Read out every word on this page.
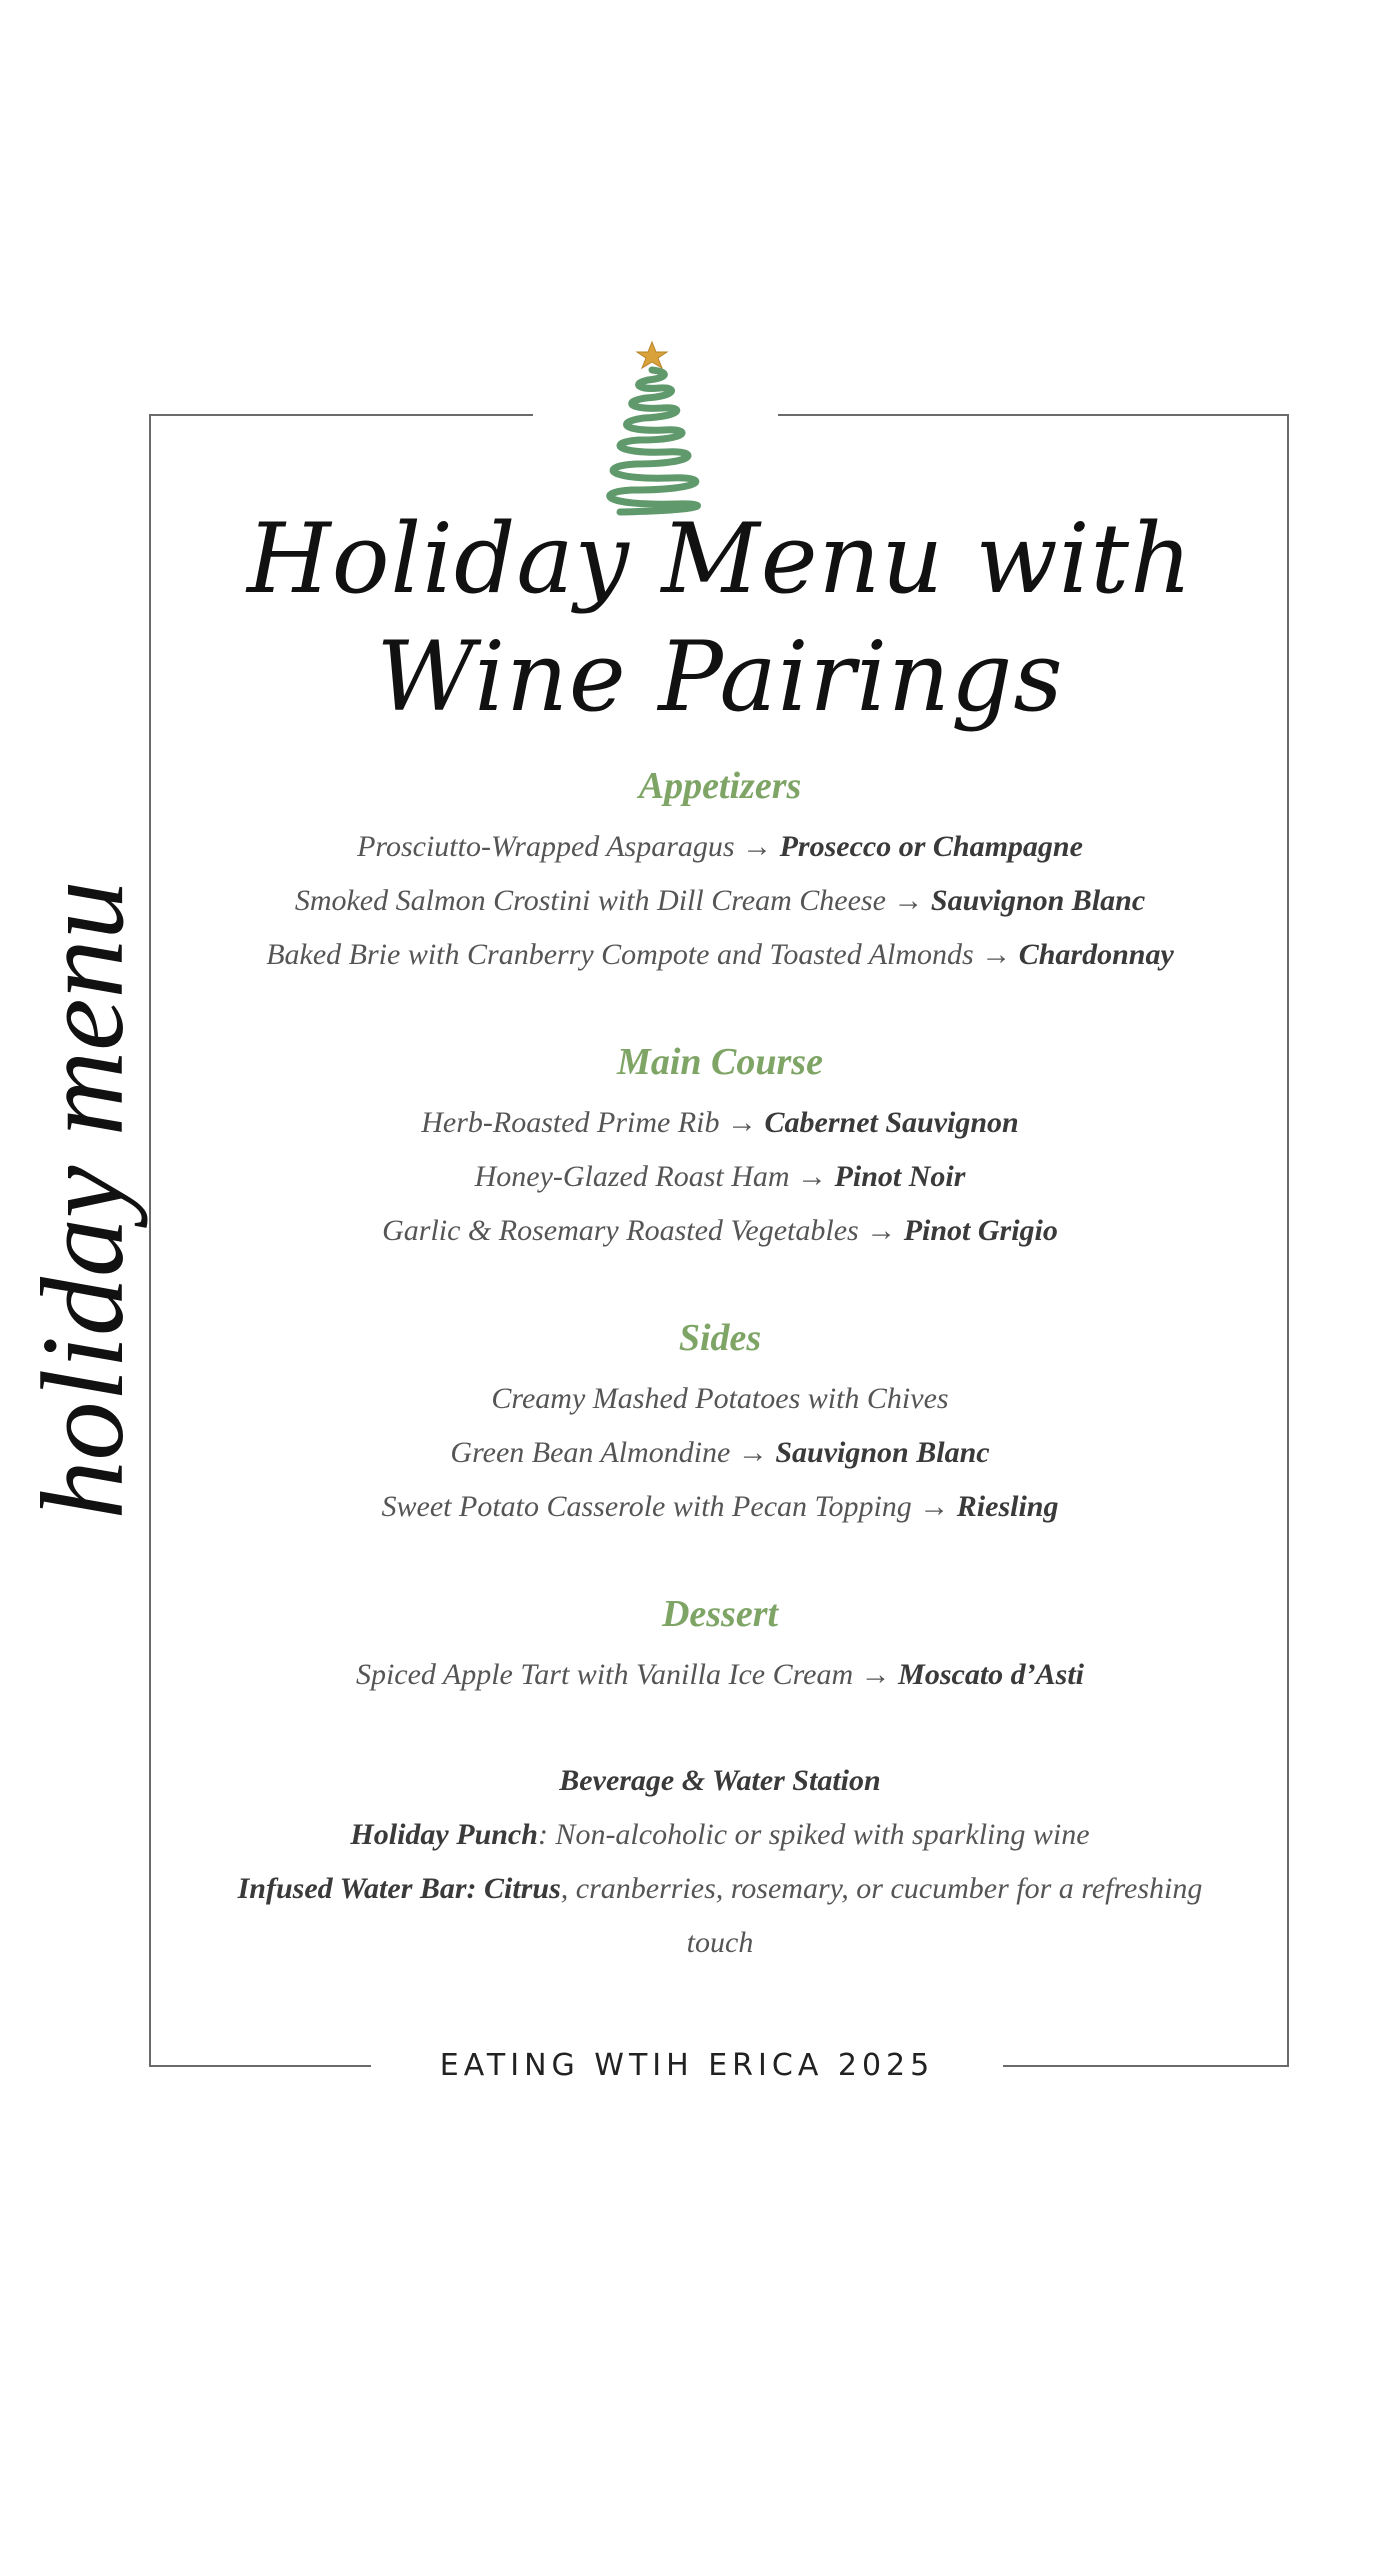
Holiday Menu with Wine Pairings
holiday menu
Appetizers
Prosciutto-Wrapped Asparagus → Prosecco or Champagne
Smoked Salmon Crostini with Dill Cream Cheese → Sauvignon Blanc
Baked Brie with Cranberry Compote and Toasted Almonds → Chardonnay
Main Course
Herb-Roasted Prime Rib → Cabernet Sauvignon
Honey-Glazed Roast Ham → Pinot Noir
Garlic & Rosemary Roasted Vegetables → Pinot Grigio
Sides
Creamy Mashed Potatoes with Chives
Green Bean Almondine → Sauvignon Blanc
Sweet Potato Casserole with Pecan Topping → Riesling
Dessert
Spiced Apple Tart with Vanilla Ice Cream → Moscato d’Asti
Beverage & Water Station
Holiday Punch: Non-alcoholic or spiked with sparkling wine
Infused Water Bar: Citrus, cranberries, rosemary, or cucumber for a refreshing touch
EATING WTIH ERICA 2025
